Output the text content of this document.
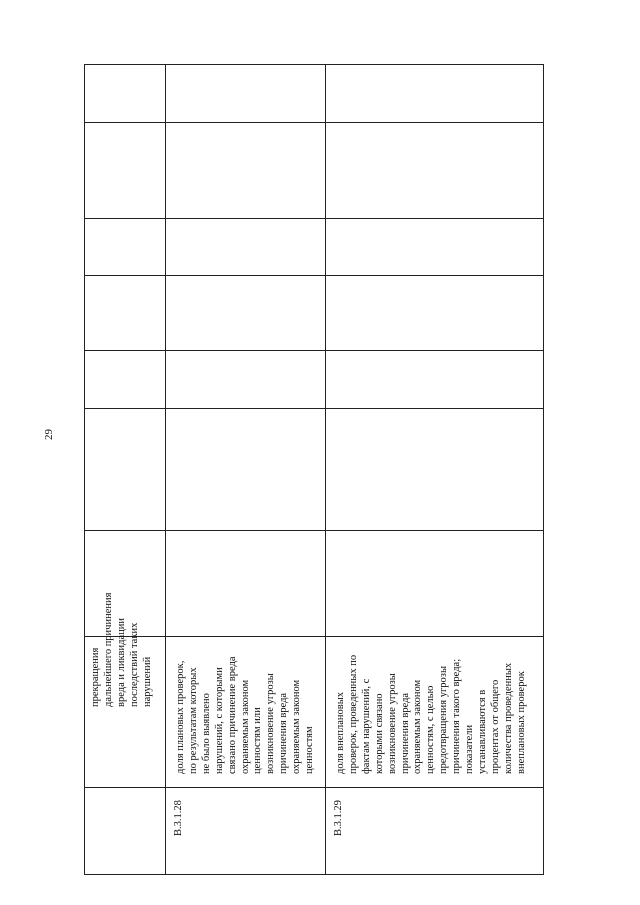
29
прекращения дальнейшего причинения вреда и ликвидации последствий таких нарушений
В.3.1.28
доля плановых проверок, по результатам которых не было выявлено нарушений, с которыми связано причинение вреда охраняемым законом ценностям или возникновение угрозы причинения вреда охраняемым законом ценностям
В.3.1.29
доля внеплановых проверок, проведенных по фактам нарушений, с которыми связано возникновение угрозы причинения вреда охраняемым законом ценностям, с целью предотвращения угрозы причинения такого вреда; показатели устанавливаются в процентах от общего количества проведенных внеплановых проверок
